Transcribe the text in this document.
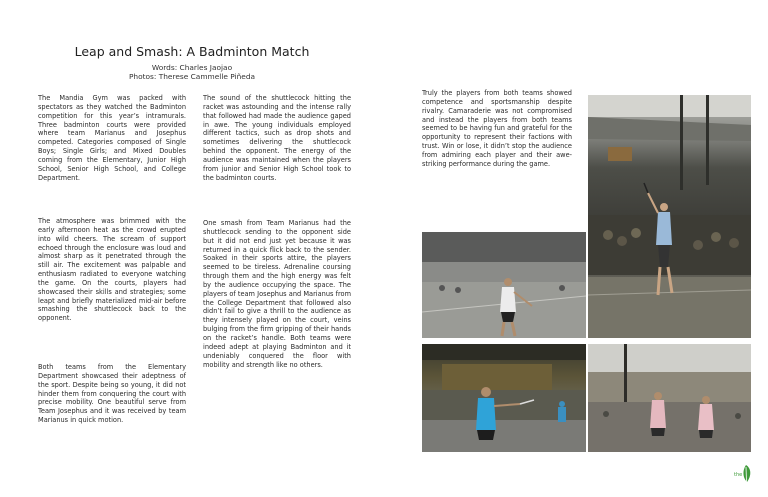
Leap and Smash: A Badminton Match
Words: Charles Jaojao
Photos: Therese Cammelle Piñeda

The Mandia Gym was packed with spectators as they watched the Badminton competition for this year’s intramurals. Three badminton courts were provided where team Marianus and Josephus competed. Categories composed of Single Boys; Single Girls; and Mixed Doubles coming from the Elementary, Junior High School, Senior High School, and College Department.

The atmosphere was brimmed with the early afternoon heat as the crowd erupted into wild cheers. The scream of support echoed through the enclosure was loud and almost sharp as it penetrated through the still air. The excitement was palpable and enthusiasm radiated to everyone watching the game. On the courts, players had showcased their skills and strategies; some leapt and briefly materialized mid-air before smashing the shuttlecock back to the opponent.

Both teams from the Elementary Department showcased their adeptness of the sport. Despite being so young, it did not hinder them from conquering the court with precise mobility. One beautiful serve from Team Josephus and it was received by team Marianus in quick motion.

The sound of the shuttlecock hitting the racket was astounding and the intense rally that followed had made the audience gaped in awe. The young individuals employed different tactics, such as drop shots and sometimes delivering the shuttlecock behind the opponent. The energy of the audience was maintained when the players from junior and Senior High School took to the badminton courts.

One smash from Team Marianus had the shuttlecock sending to the opponent side but it did not end just yet because it was returned in a quick flick back to the sender. Soaked in their sports attire, the players seemed to be tireless. Adrenaline coursing through them and the high energy was felt by the audience occupying the space. The players of team Josephus and Marianus from the College Department that followed also didn’t fail to give a thrill to the audience as they intensely played on the court, veins bulging from the firm gripping of their hands on the racket’s handle. Both teams were indeed adept at playing Badminton and it undeniably conquered the floor with mobility and strength like no others.

Truly the players from both teams showed competence and sportsmanship despite rivalry. Camaraderie was not compromised and instead the players from both teams seemed to be having fun and grateful for the opportunity to represent their factions with trust. Win or lose, it didn’t stop the audience from admiring each player and their awe-striking performance during the game.

the
